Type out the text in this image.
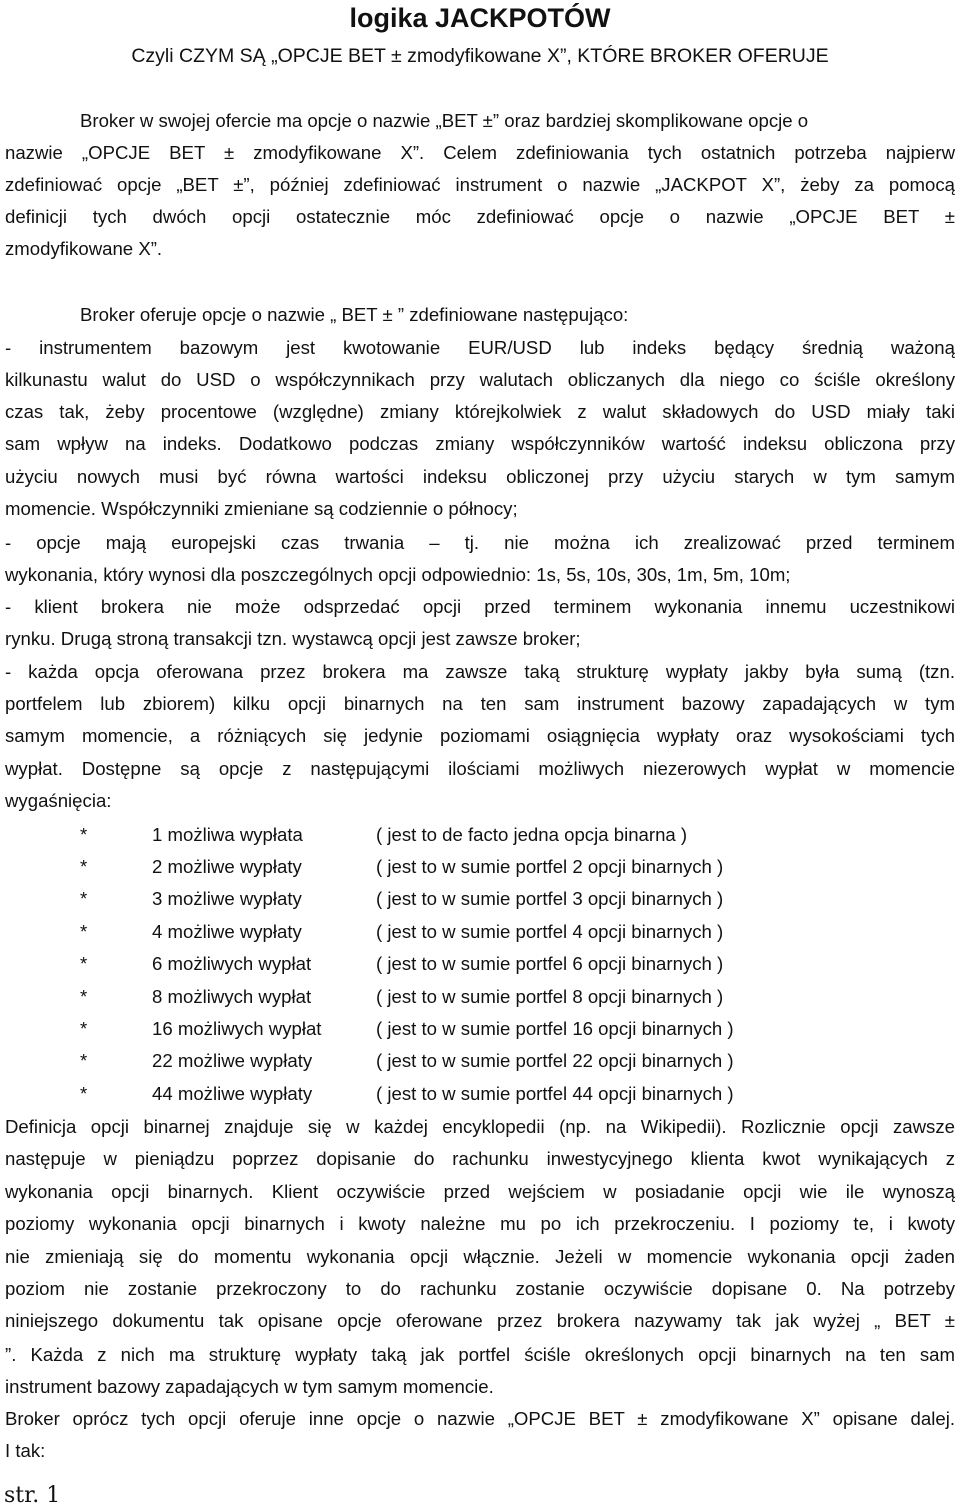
logika JACKPOTÓW
Czyli CZYM SĄ „OPCJE BET ± zmodyfikowane X”, KTÓRE BROKER OFERUJE
Broker w swojej ofercie ma opcje o nazwie „BET ±” oraz bardziej skomplikowane opcje o
nazwie „OPCJE BET ± zmodyfikowane X”. Celem zdefiniowania tych ostatnich potrzeba najpierw
zdefiniować opcje „BET ±”, później zdefiniować instrument o nazwie „JACKPOT X”, żeby za pomocą
definicji tych dwóch opcji ostatecznie móc zdefiniować opcje o nazwie „OPCJE BET ±
zmodyfikowane X”.
Broker oferuje opcje o nazwie „ BET ± ” zdefiniowane następująco:
- instrumentem bazowym jest kwotowanie EUR/USD lub indeks będący średnią ważoną
kilkunastu walut do USD o współczynnikach przy walutach obliczanych dla niego co ściśle określony
czas tak, żeby procentowe (względne) zmiany którejkolwiek z walut składowych do USD miały taki
sam wpływ na indeks. Dodatkowo podczas zmiany współczynników wartość indeksu obliczona przy
użyciu nowych musi być równa wartości indeksu obliczonej przy użyciu starych w tym samym
momencie. Współczynniki zmieniane są codziennie o północy;
- opcje mają europejski czas trwania – tj. nie można ich zrealizować przed terminem
wykonania, który wynosi dla poszczególnych opcji odpowiednio: 1s, 5s, 10s, 30s, 1m, 5m, 10m;
- klient brokera nie może odsprzedać opcji przed terminem wykonania innemu uczestnikowi
rynku. Drugą stroną transakcji tzn. wystawcą opcji jest zawsze broker;
- każda opcja oferowana przez brokera ma zawsze taką strukturę wypłaty jakby była sumą (tzn.
portfelem lub zbiorem) kilku opcji binarnych na ten sam instrument bazowy zapadających w tym
samym momencie, a różniących się jedynie poziomami osiągnięcia wypłaty oraz wysokościami tych
wypłat. Dostępne są opcje z następującymi ilościami możliwych niezerowych wypłat w momencie
wygaśnięcia:
*	1 możliwa wypłata	( jest to de facto jedna opcja binarna )
*	2 możliwe wypłaty	( jest to w sumie portfel 2 opcji binarnych )
*	3 możliwe wypłaty	( jest to w sumie portfel 3 opcji binarnych )
*	4 możliwe wypłaty	( jest to w sumie portfel 4 opcji binarnych )
*	6 możliwych wypłat	( jest to w sumie portfel 6 opcji binarnych )
*	8 możliwych wypłat	( jest to w sumie portfel 8 opcji binarnych )
*	16 możliwych wypłat	( jest to w sumie portfel 16 opcji binarnych )
*	22 możliwe wypłaty	( jest to w sumie portfel 22 opcji binarnych )
*	44 możliwe wypłaty	( jest to w sumie portfel 44 opcji binarnych )
Definicja opcji binarnej znajduje się w każdej encyklopedii (np. na Wikipedii). Rozlicznie opcji zawsze
następuje w pieniądzu poprzez dopisanie do rachunku inwestycyjnego klienta kwot wynikających z
wykonania opcji binarnych. Klient oczywiście przed wejściem w posiadanie opcji wie ile wynoszą
poziomy wykonania opcji binarnych i kwoty należne mu po ich przekroczeniu. I poziomy te, i kwoty
nie zmieniają się do momentu wykonania opcji włącznie. Jeżeli w momencie wykonania opcji żaden
poziom nie zostanie przekroczony to do rachunku zostanie oczywiście dopisane 0. Na potrzeby
niniejszego dokumentu tak opisane opcje oferowane przez brokera nazywamy tak jak wyżej „ BET ±
”. Każda z nich ma strukturę wypłaty taką jak portfel ściśle określonych opcji binarnych na ten sam
instrument bazowy zapadających w tym samym momencie.
Broker oprócz tych opcji oferuje inne opcje o nazwie „OPCJE BET ± zmodyfikowane X” opisane dalej.
I tak:
str. 1
